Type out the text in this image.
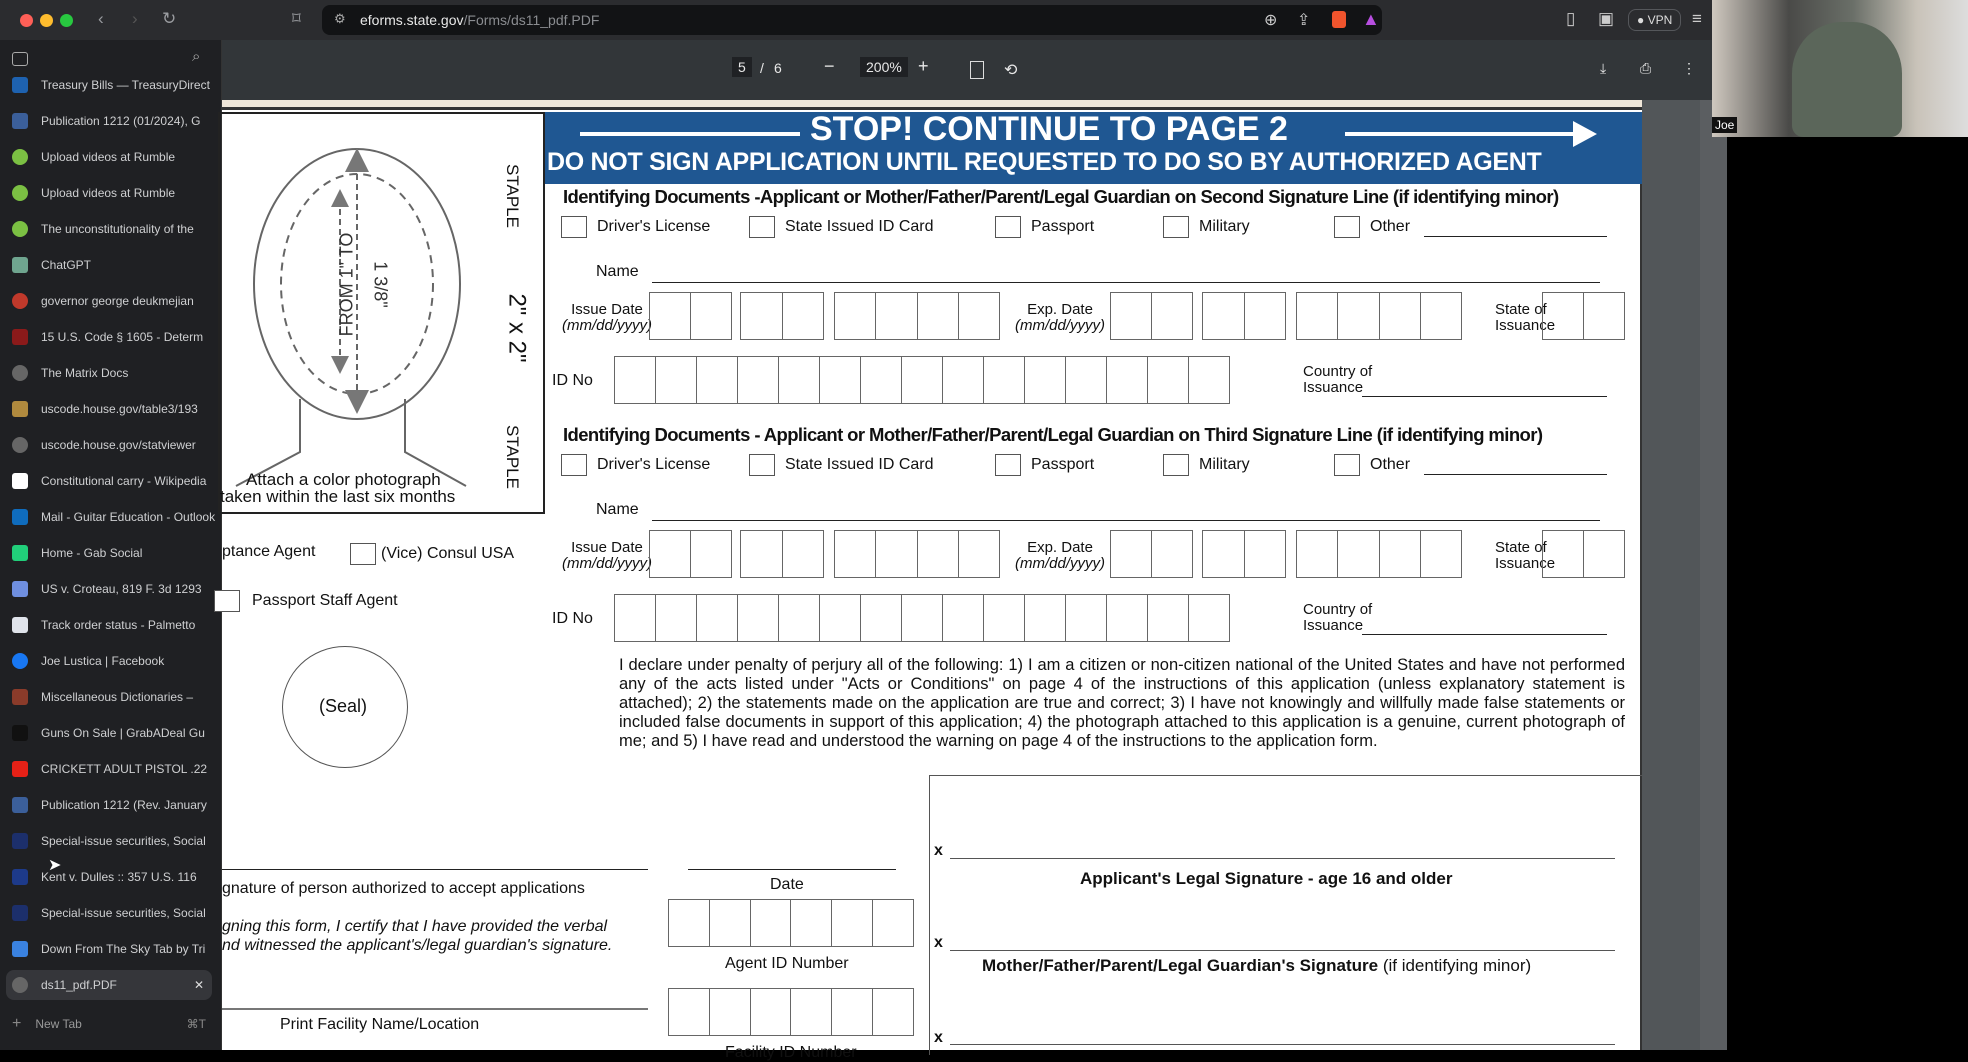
‹ › ↻	⌑	⚙ eforms.state.gov/Forms/ds11_pdf.PDF	⊕ ⇪	▲	▯ ▣	● VPN	≡
⌕
Treasury Bills — TreasuryDirect
Publication 1212 (01/2024), G
Upload videos at Rumble
Upload videos at Rumble
The unconstitutionality of the
ChatGPT
governor george deukmejian
15 U.S. Code § 1605 - Determ
The Matrix Docs
uscode.house.gov/table3/193
uscode.house.gov/statviewer
Constitutional carry - Wikipedia
Mail - Guitar Education - Outlook
Home - Gab Social
US v. Croteau, 819 F. 3d 1293
Track order status - Palmetto
Joe Lustica | Facebook
Miscellaneous Dictionaries –
Guns On Sale | GrabADeal Gu
CRICKETT ADULT PISTOL .22
Publication 1212 (Rev. January
Special-issue securities, Social
Kent v. Dulles :: 357 U.S. 116
Special-issue securities, Social
Down From The Sky Tab by Tri
ds11_pdf.PDF	✕
+ New Tab	⌘T
➤
5	/ 6 −	200% +	⟲	⤓ ⎙ ⋮
Joe
FROM 1" TO 1 3/8"
STAPLE
2" x 2"
STAPLE
Attach a color photograph
taken within the last six months
STOP! CONTINUE TO PAGE 2
DO NOT SIGN APPLICATION UNTIL REQUESTED TO DO SO BY AUTHORIZED AGENT
Identifying Documents -Applicant or Mother/Father/Parent/Legal Guardian on Second Signature Line (if identifying minor)
Driver's License	State Issued ID Card	Passport	Military	Other
Name
Issue Date
(mm/dd/yyyy)
Exp. Date
(mm/dd/yyyy)
State of
Issuance
ID No
Country of
Issuance
Identifying Documents - Applicant or Mother/Father/Parent/Legal Guardian on Third Signature Line (if identifying minor)
Driver's License	State Issued ID Card	Passport	Military	Other
Name
Issue Date
(mm/dd/yyyy)
Exp. Date
(mm/dd/yyyy)
State of
Issuance
ID No
Country of
Issuance
ptance Agent	(Vice) Consul USA
Passport Staff Agent
(Seal)
gnature of person authorized to accept applications
gning this form, I certify that I have provided the verbal
nd witnessed the applicant's/legal guardian's signature.
Print Facility Name/Location
Date
Agent ID Number
Facility ID Number
I declare under penalty of perjury all of the following: 1) I am a citizen or non-citizen national of the United States and have not performed any of the acts listed under "Acts or Conditions" on page 4 of the instructions of this application (unless explanatory statement is attached); 2) the statements made on the application are true and correct; 3) I have not knowingly and willfully made false statements or included false documents in support of this application; 4) the photograph attached to this application is a genuine, current photograph of me; and 5) I have read and understood the warning on page 4 of the instructions to the application form.
x
Applicant's Legal Signature - age 16 and older
x
Mother/Father/Parent/Legal Guardian's Signature (if identifying minor)
x
